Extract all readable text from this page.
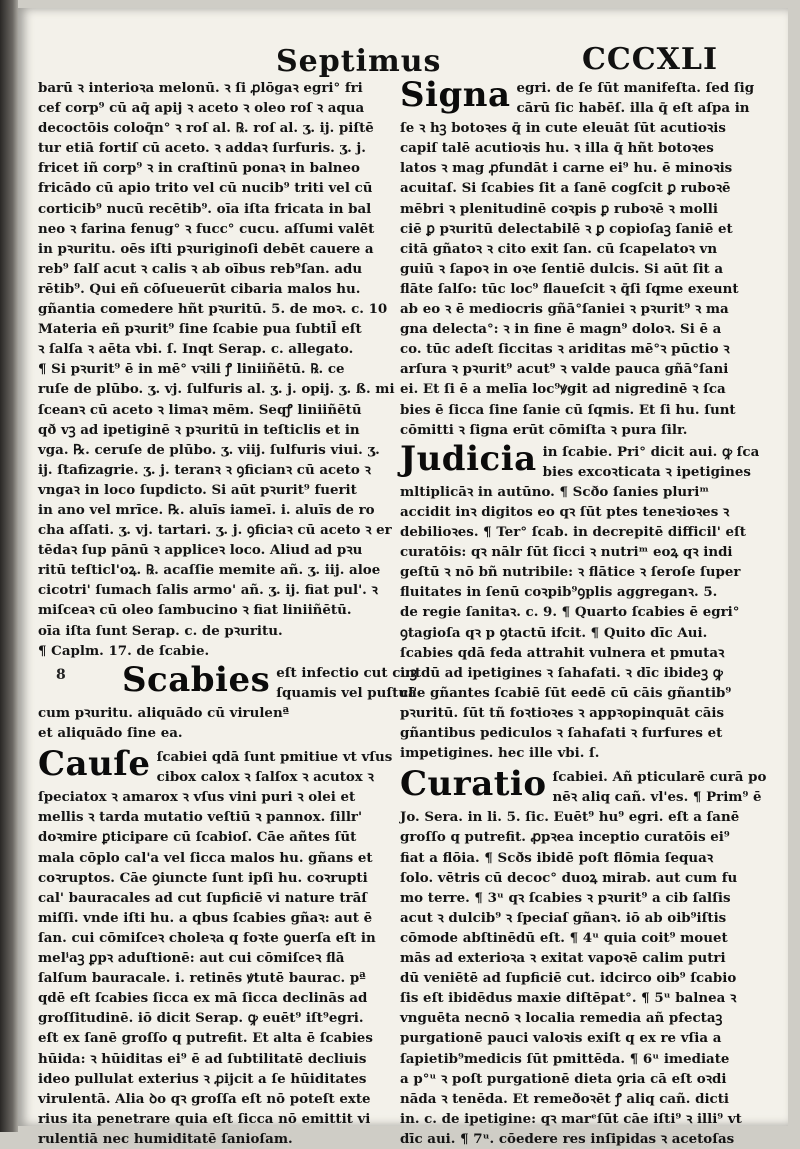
Septimus	CCCXLI
8
barū ꝛ interioꝛa melonū. ꝛ ſi ꝓlōgaꝛ egri° fri
cef corp⁹ cū aq̄ apij ꝛ aceto ꝛ oleo roſ ꝛ aqua
decoctōis coloq̄n° ꝛ roſ al. ℞. roſ al. ʒ. ij. piſtē
tur etiā fortiſ cū aceto. ꝛ addaꝛ ſurfuris. ʒ. j.
fricet iñ corp⁹ ꝛ in craſtinū ponaꝛ in balneo
fricādo cū apio trito vel cū nucib⁹ triti vel cū
corticib⁹ nucū recētib⁹. oīa iſta fricata in bal
neo ꝛ farina fenug° ꝛ fucc° cucu. aſſumi valēt
in pꝛuritu. oēs iſti pꝛuriginoſi debēt cauere a
reb⁹ ſalſ acut ꝛ calis ꝛ ab oībus reb⁹ſan. adu
rētib⁹. Qui eñ cōſueuerūt cibaria malos hu.
gñantia comedere hñt pꝛuritū. 5. de moꝛ. c. 10
Materia eñ pꝛurit⁹ ſine ſcabie pua ſubtil̄ eſt
ꝛ ſalſa ꝛ aēta vbi. ſ. Inqt Serap. c. allegato.
¶ Si pꝛurit⁹ ē in mē° vꝛili ꝭ liniiñētū. ℞. ce
ruſe de plūbo. ʒ. vj. ſulfuris al. ʒ. j. opij. ʒ. ß. mi
ſceanꝛ cū aceto ꝛ limaꝛ mēm. Seqꝭ liniiñētū
qð vꝫ ad ipetiginē ꝛ pꝛuritū in teſticlis et in
vga. ℞. ceruſe de plūbo. ʒ. viij. ſulfuris viui. ʒ.
ij. ſtafizagrie. ʒ. j. teranꝛ ꝛ ꝯficianꝛ cū aceto ꝛ
vngaꝛ in loco ſupdicto. Si aūt pꝛurit⁹ fuerit
in ano vel mrīce. ℞. aluīs iameī. i. aluīs de ro
cha aſſati. ʒ. vj. tartari. ʒ. j. ꝯficiaꝛ cū aceto ꝛ er
tēdaꝛ ſup pānū ꝛ appliceꝛ loco. Aliud ad pꝛu
ritū teſticl'oꝝ. ℞. acaſſie memite añ. ʒ. iij. aloe
cicotri' ſumach ſalis armo' añ. ʒ. ij. fiat pul'. ꝛ
miſceaꝛ cū oleo ſambucino ꝛ fiat liniiñētū.
oīa iſta ſunt Serap. c. de pꝛuritu.
¶ Caplm. 17. de ſcabie.
Scabies eſt infectio cut cuꝫ
ſquamis vel puſtul'
cum pꝛuritu. aliquādo cū virulenª
et aliquādo ſine ea.
Cauſe ſcabiei qdā ſunt pmitiue vt vſus
cibox calox ꝛ ſalſox ꝛ acutox ꝛ
ſpeciatox ꝛ amarox ꝛ vſus vini puri ꝛ olei et
mellis ꝛ tarda mutatio veſtiū ꝛ pannox. ſillr'
doꝛmire ꝑticipare cū ſcabioſ. Cāe añtes ſūt
mala cōplo cal'a vel ſicca malos hu. gñans et
coꝛruptos. Cāe ꝯiuncte ſunt ipſi hu. coꝛrupti
cal' bauracales ad cut ſupficiē vi nature trāſ
miſſi. vnde iſti hu. a qbus ſcabies gñaꝛ: aut ē
ſan. cui cōmiſceꝛ choleꝛa q foꝛte ꝯuerſa eſt in
melⁱaꝫ ꝑpꝛ aduſtionē: aut cui cōmiſceꝛ flā
ſalſum bauracale. i. retinēs ꝟtutē baurac. pª
qdē eſt ſcabies ſicca ex mā ſicca declinās ad
groſſitudinē. iō dicit Serap. ꝙ euēt⁹ iſt⁹egri.
eſt ex ſanē groſſo q putrefit. Et alta ē ſcabies
hūida: ꝛ hūiditas ei⁹ ē ad ſubtilitatē decliuis
ideo pullulat exterius ꝛ ꝓijcit a ſe hūiditates
virulentā. Alia ꝺo qꝛ groſſa eſt nō poteſt exte
rius ita penetrare quia eſt ſicca nō emittit vi
rulentiā nec humiditatē ſanioſam.
Signa egri. de ſe ſūt manifeſta. ſed ſig
cārū ſic habēſ. illa q̄ eſt aſpa in
ſe ꝛ hꝫ botoꝛes q̄ in cute eleuāt ſūt acutioꝛis
capiſ talē acutioꝛis hu. ꝛ illa q̄ hñt botoꝛes
latos ꝛ mag ꝓfundāt i carne ei⁹ hu. ē minoꝛis
acuitaſ. Si ſcabies ſit a ſanē cogſcit ꝑ ruboꝛē
mēbri ꝛ plenitudinē coꝛpis ꝑ ruboꝛē ꝛ molli
ciē ꝑ pꝛuritū delectabilē ꝛ ꝑ copioſaꝫ ſaniē et
citā gñatoꝛ ꝛ cito exit ſan. cū ſcapelatoꝛ vn
guiū ꝛ ſapoꝛ in oꝛe ſentiē dulcis. Si aūt ſit a
flāte ſalſo: tūc loc⁹ flaueſcit ꝛ q̄ſi ſqme exeunt
ab eo ꝛ ē mediocris gñā°ſaniei ꝛ pꝛurit⁹ ꝛ ma
gna delecta°: ꝛ in fine ē magn⁹ doloꝛ. Si ē a
co. tūc adeſt ſiccitas ꝛ ariditas mē°ꝛ pūctio ꝛ
arſura ꝛ pꝛurit⁹ acut⁹ ꝛ valde pauca gñā°ſani
ei. Et ſi ē a melīa loc⁹ꝟgit ad nigredinē ꝛ ſca
bies ē ſicca ſine ſanie cū ſqmis. Et ſi hu. ſunt
cōmitti ꝛ ſigna erūt cōmiſta ꝛ pura ſilr.
Judicia in ſcabie. Pri° dicit aui. ꝙ ſca
bies excoꝛticata ꝛ ipetigines
mltiplicāꝛ in autūno. ¶ Scðo ſanies pluriᵐ
accidit inꝛ digitos eo qꝛ ſūt ptes teneꝛioꝛes ꝛ
debilioꝛes. ¶ Ter° ſcab. in decrepitē difficil' eſt
curatōis: qꝛ nālr ſūt ſicci ꝛ nutriᵐ eoꝝ qꝛ indi
geſtū ꝛ nō bñ nutribile: ꝛ flātice ꝛ ſeroſe ſuper
fluitates in ſenū coꝛpib⁹ꝯplis aggreganꝛ. 5.
de regie ſanitaꝛ. c. 9. ¶ Quarto ſcabies ē egri°
ꝯtagioſa qꝛ p ꝯtactū ifcit. ¶ Quito dīc Aui.
ſcabies qdā feda attrahit vulnera et pmutaꝛ
intdū ad ipetigines ꝛ ſahafati. ꝛ dīc ibideꝫ ꝙ
cāe gñantes ſcabiē ſūt eedē cū cāis gñantib⁹
pꝛuritū. ſūt tñ foꝛtioꝛes ꝛ appꝛopinquāt cāis
gñantibus pediculos ꝛ ſahafati ꝛ furfures et
impetigines. hec ille vbi. ſ.
Curatio ſcabiei. Añ pticularē curā po
nēꝛ aliq cañ. vl'es. ¶ Prim⁹ ē
Jo. Sera. in li. 5. ſic. Euēt⁹ hu⁹ egri. eſt a ſanē
groſſo q putrefit. ꝓpꝛea inceptio curatōis ei⁹
fiat a flōia. ¶ Scðs ibidē poſt flōmia ſequaꝛ
ſolo. vētris cū decoc° duoꝝ mirab. aut cum fu
mo terre. ¶ 3ᵘ qꝛ ſcabies ꝛ pꝛurit⁹ a cib ſalſis
acut ꝛ dulcib⁹ ꝛ ſpeciaſ gñanꝛ. iō ab oib⁹iſtis
cōmode abſtinēdū eſt. ¶ 4ᵘ quia coit⁹ mouet
mās ad exterioꝛa ꝛ exitat vapoꝛē calim putri
dū veniētē ad ſupficiē cut. idcirco oib⁹ ſcabio
ſis eſt ibidēdus maxie diſtēpat°. ¶ 5ᵘ balnea ꝛ
vnguēta necnō ꝛ localia remedia añ pfectaꝫ
purgationē pauci valoꝛis exiſt q ex re vſia a
ſapietib⁹medicis ſūt pmittēda. ¶ 6ᵘ imediate
a p°ᵘ ꝛ poſt purgationē dieta ꝯria cā eſt oꝛdi
nāda ꝛ tenēda. Et remeðoꝛēt ꝭ aliq cañ. dicti
in. c. de ipetigine: qꝛ marᵉſūt cāe iſti⁹ ꝛ illi⁹ vt
dīc aui. ¶ 7ᵘ. cōedere res inſipidas ꝛ acetoſas
